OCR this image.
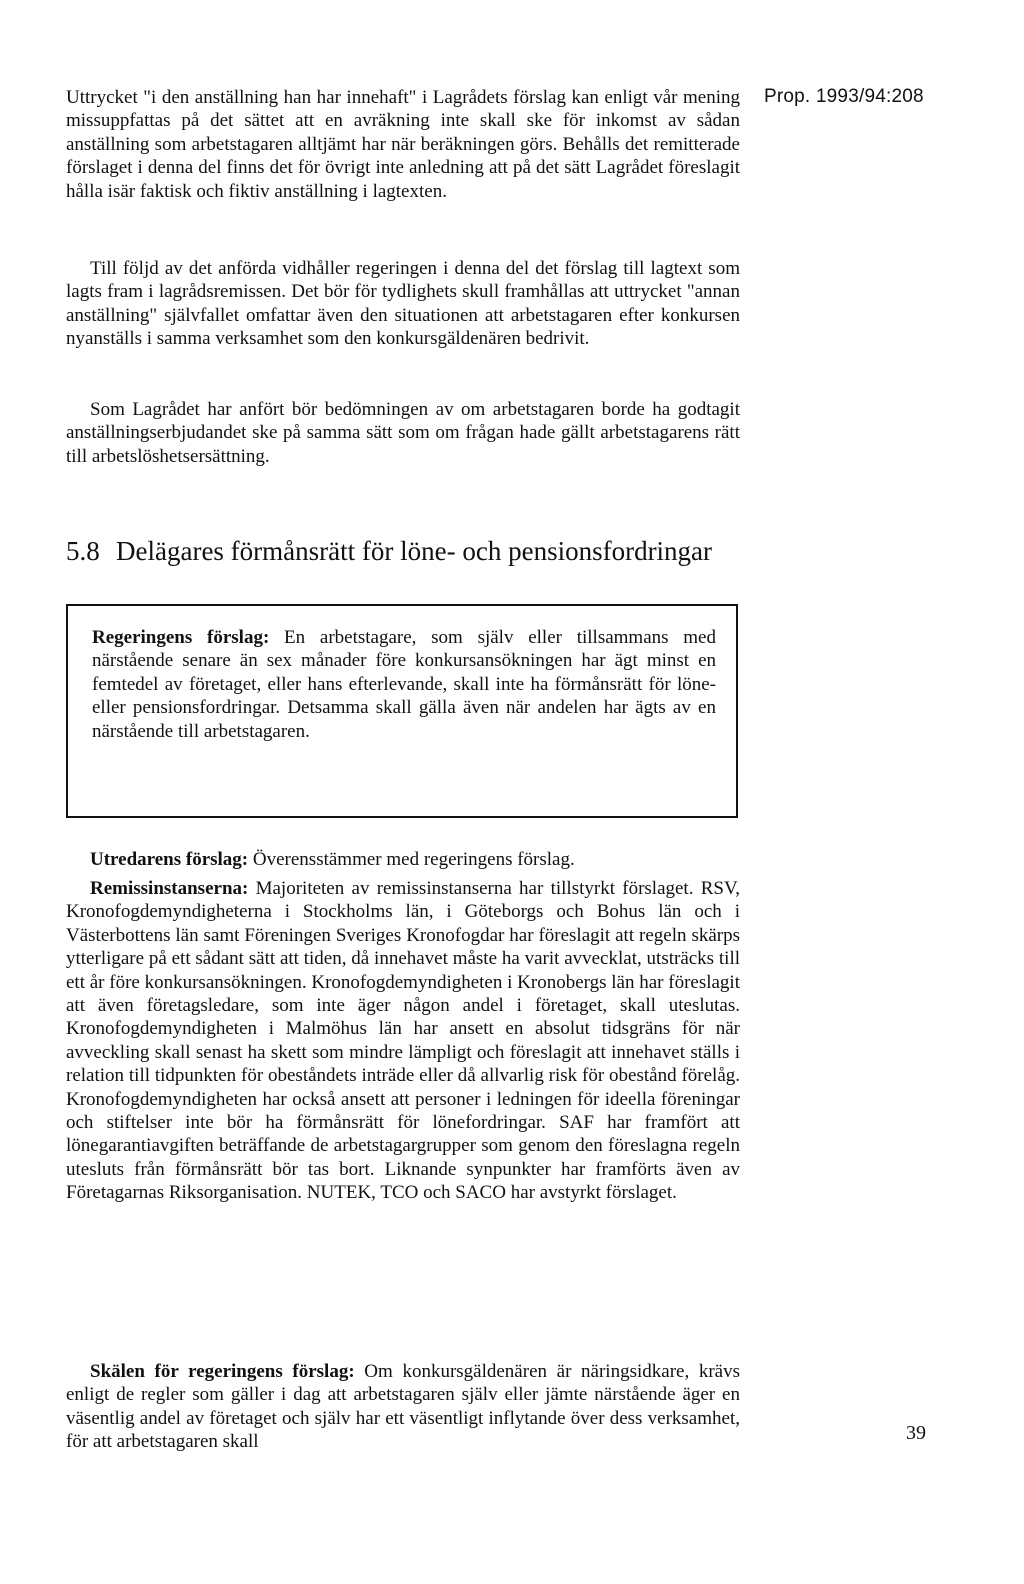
Prop. 1993/94:208

Uttrycket "i den anställning han har innehaft" i Lagrådets förslag kan enligt vår mening missuppfattas på det sättet att en avräkning inte skall ske för inkomst av sådan anställning som arbetstagaren alltjämt har när beräkningen görs. Behålls det remitterade förslaget i denna del finns det för övrigt inte anledning att på det sätt Lagrådet föreslagit hålla isär faktisk och fiktiv anställning i lagtexten.

Till följd av det anförda vidhåller regeringen i denna del det förslag till lagtext som lagts fram i lagrådsremissen. Det bör för tydlighets skull framhållas att uttrycket "annan anställning" självfallet omfattar även den situationen att arbetstagaren efter konkursen nyanställs i samma verksamhet som den konkursgäldenären bedrivit.

Som Lagrådet har anfört bör bedömningen av om arbetstagaren borde ha godtagit anställningserbjudandet ske på samma sätt som om frågan hade gällt arbetstagarens rätt till arbetslöshetsersättning.

5.8 Delägares förmånsrätt för löne- och pensionsfordringar

Regeringens förslag: En arbetstagare, som själv eller tillsammans med närstående senare än sex månader före konkursansökningen har ägt minst en femtedel av företaget, eller hans efterlevande, skall inte ha förmånsrätt för löne- eller pensionsfordringar. Detsamma skall gälla även när andelen har ägts av en närstående till arbetstagaren.

Utredarens förslag: Överensstämmer med regeringens förslag.

Remissinstanserna: Majoriteten av remissinstanserna har tillstyrkt förslaget. RSV, Kronofogdemyndigheterna i Stockholms län, i Göteborgs och Bohus län och i Västerbottens län samt Föreningen Sveriges Kronofogdar har föreslagit att regeln skärps ytterligare på ett sådant sätt att tiden, då innehavet måste ha varit avvecklat, utsträcks till ett år före konkursansökningen. Kronofogdemyndigheten i Kronobergs län har föreslagit att även företagsledare, som inte äger någon andel i företaget, skall uteslutas. Kronofogdemyndigheten i Malmöhus län har ansett en absolut tidsgräns för när avveckling skall senast ha skett som mindre lämpligt och föreslagit att innehavet ställs i relation till tidpunkten för obeståndets inträde eller då allvarlig risk för obestånd förelåg. Kronofogdemyndigheten har också ansett att personer i ledningen för ideella föreningar och stiftelser inte bör ha förmånsrätt för lönefordringar. SAF har framfört att lönegarantiavgiften beträffande de arbetstagargrupper som genom den föreslagna regeln utesluts från förmånsrätt bör tas bort. Liknande synpunkter har framförts även av Företagarnas Riksorganisation. NUTEK, TCO och SACO har avstyrkt förslaget.

Skälen för regeringens förslag: Om konkursgäldenären är näringsidkare, krävs enligt de regler som gäller i dag att arbetstagaren själv eller jämte närstående äger en väsentlig andel av företaget och själv har ett väsentligt inflytande över dess verksamhet, för att arbetstagaren skall	39
